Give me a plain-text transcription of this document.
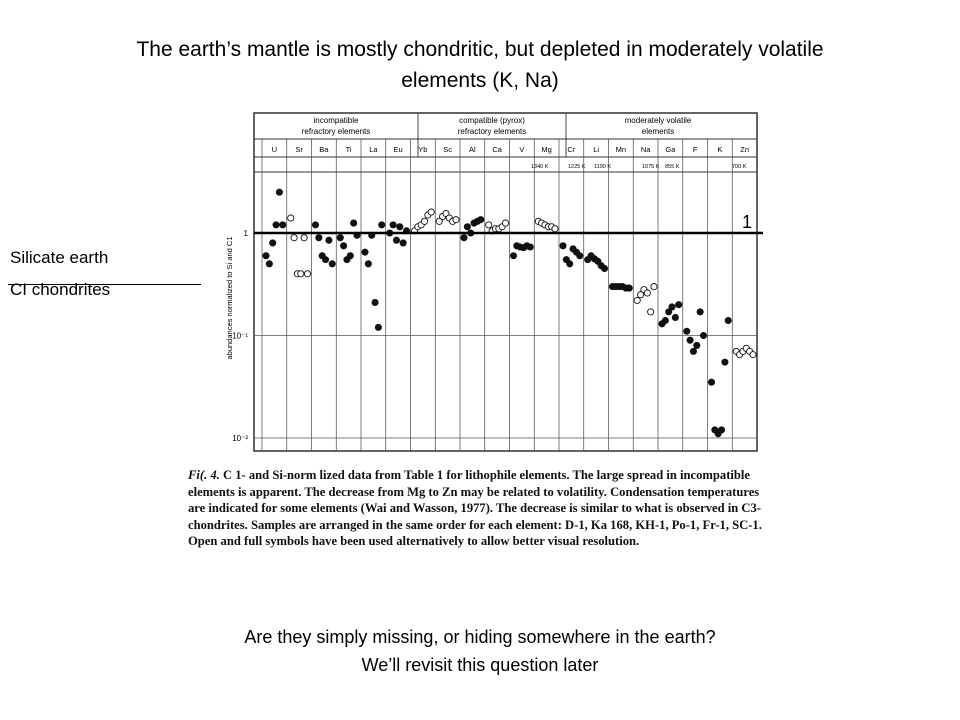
The earth’s mantle is mostly chondritic, but depleted in moderately volatile
elements (K, Na)
Silicate earth
CI chondrites
1
incompatible
refractory elements
compatible (pyrox)
refractory elements
moderately volatile
elements
1340 K	1225 K 1190 K	1075 K 855 K	700 K
abundances normalized to Si and C1
U Sr Ba Ti La Eu Yb Sc Al Ca V Mg Cr Li Mn Na Ga F	K Zn
1
10⁻¹
10⁻²
Fi(. 4. C 1- and Si-norm lized data from Table 1 for lithophile elements. The large spread in incompatible elements is apparent. The decrease from Mg to Zn may be related to volatility. Condensation temperatures are indicated for some elements (Wai and Wasson, 1977). The decrease is similar to what is observed in C3-chondrites. Samples are arranged in the same order for each element: D-1, Ka 168, KH-1, Po-1, Fr-1, SC-1. Open and full symbols have been used alternatively to allow better visual resolution.
Are they simply missing, or hiding somewhere in the earth?
We’ll revisit this question later
